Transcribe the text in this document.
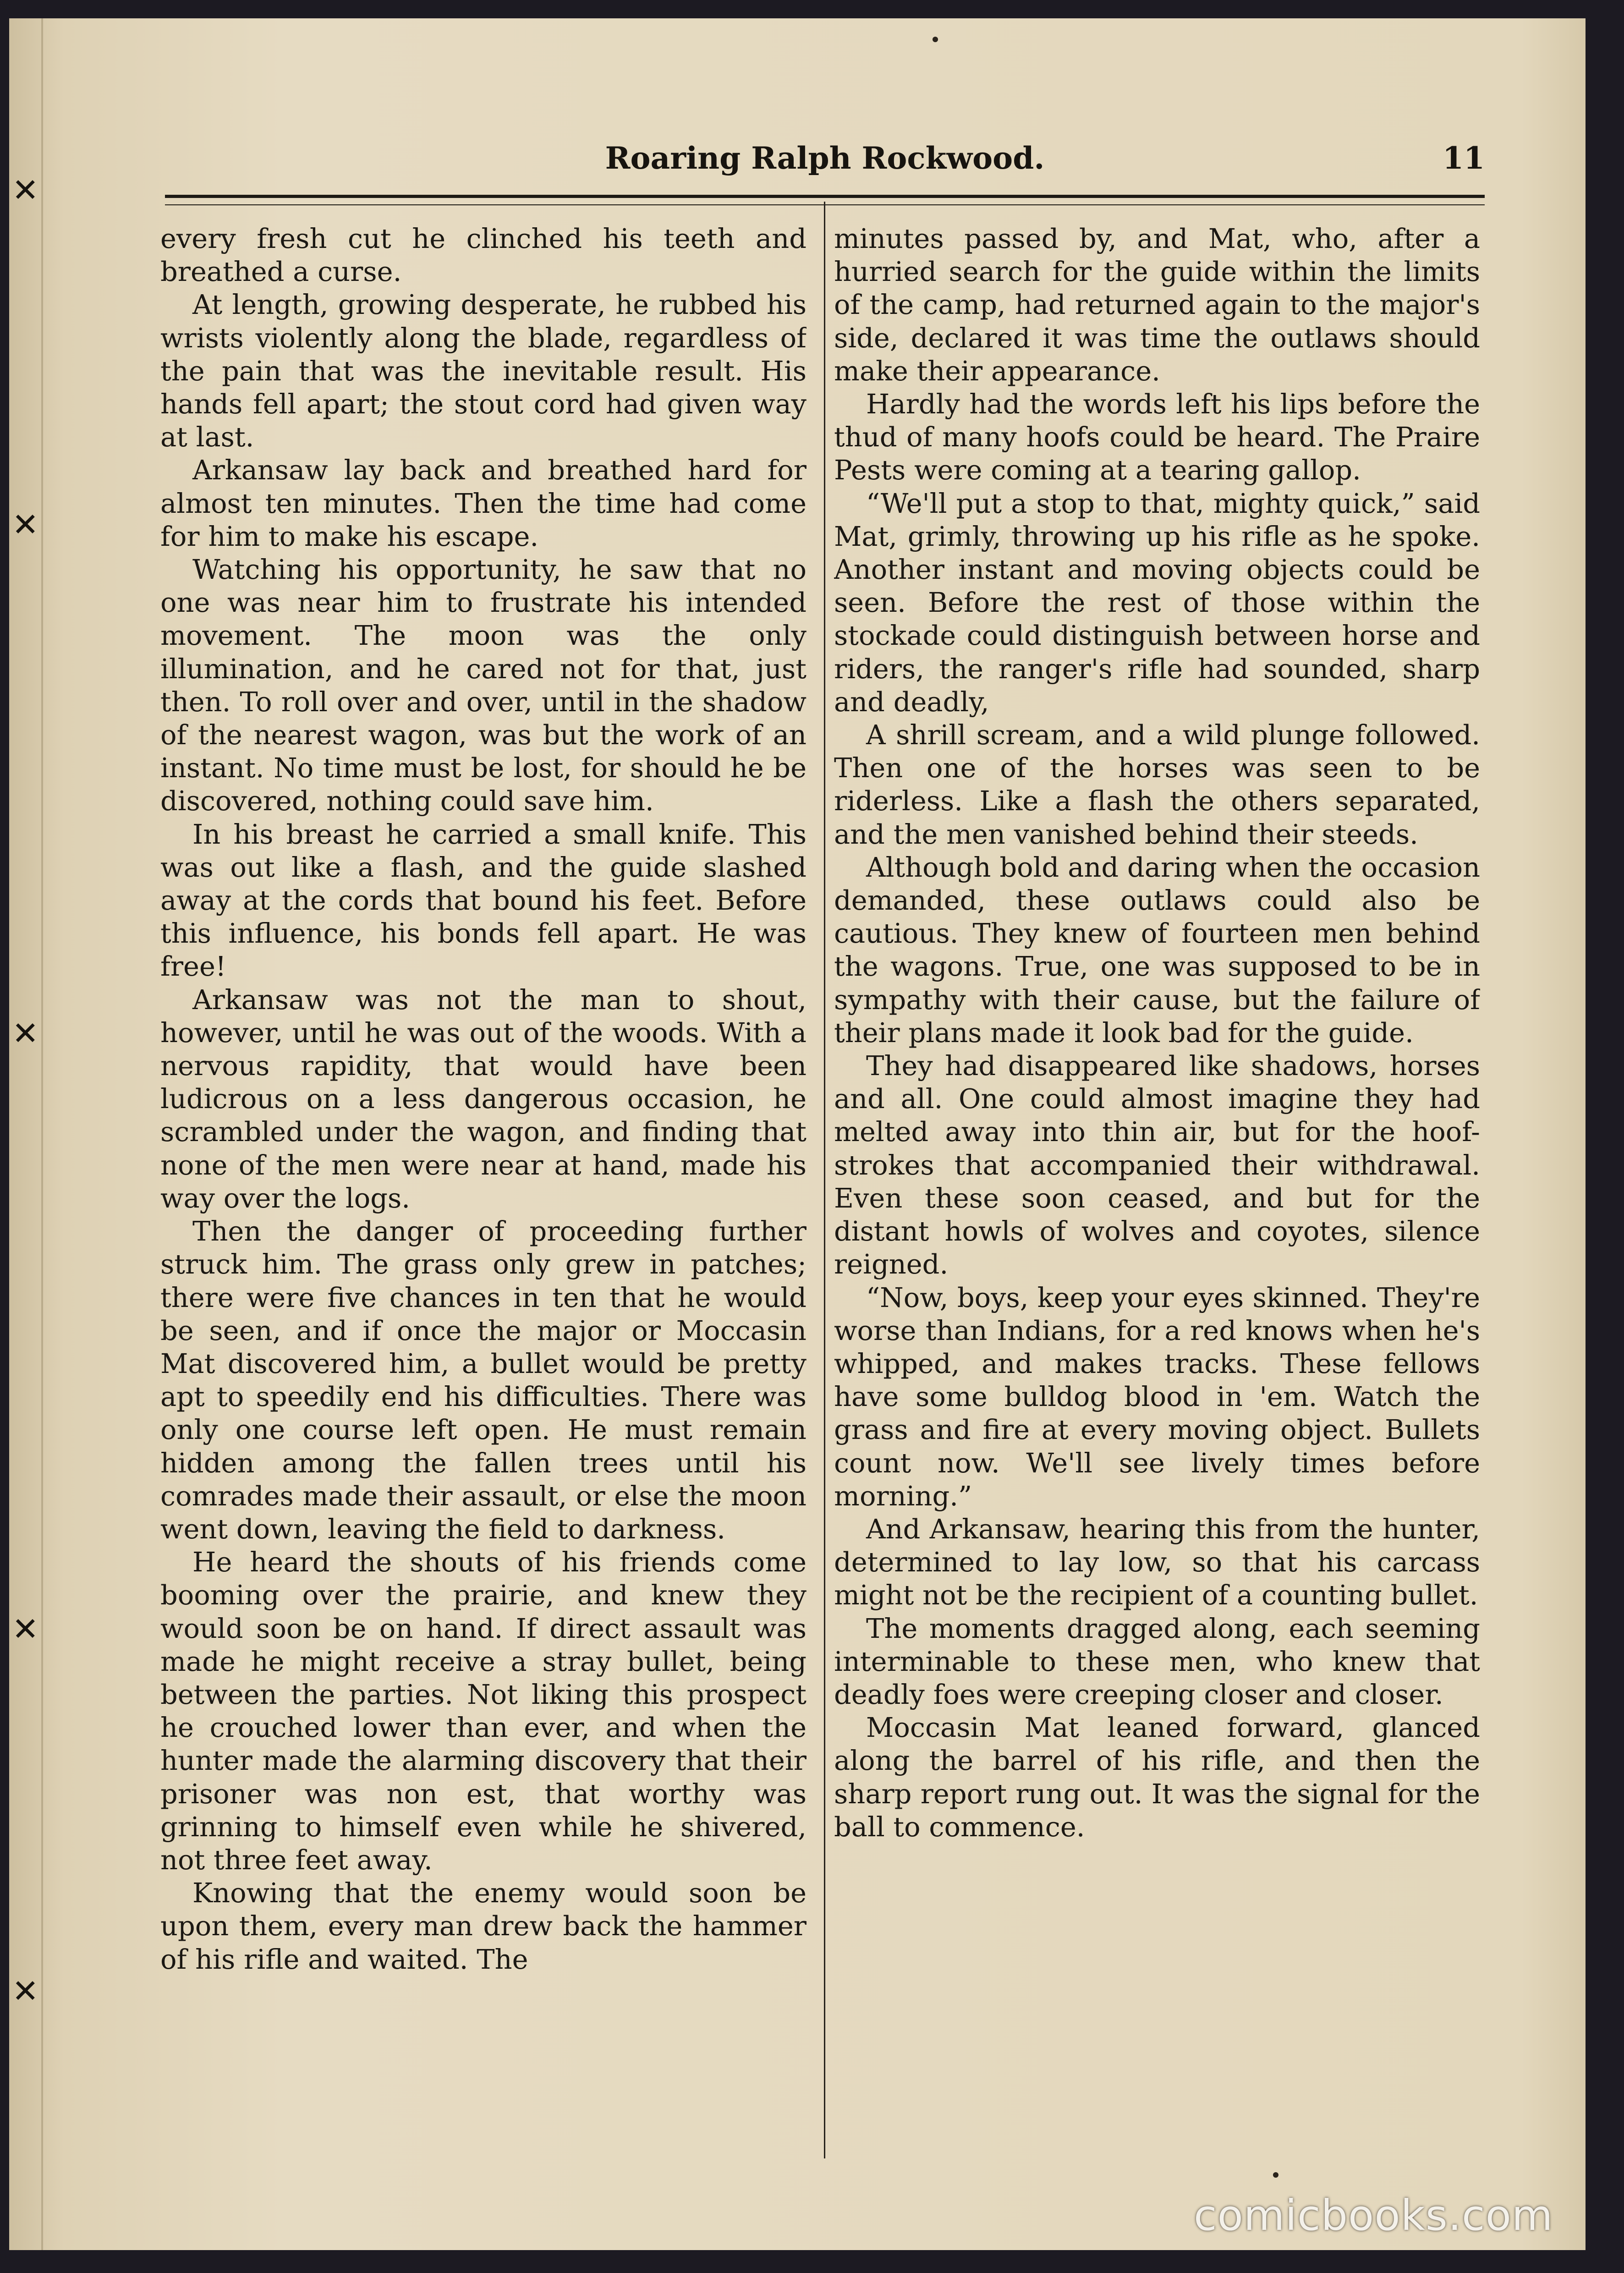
✕
✕
✕
✕
✕
Roaring Ralph Rockwood.	11

every fresh cut he clinched his teeth and breathed a curse.

At length, growing desperate, he rubbed his wrists violently along the blade, regardless of the pain that was the inevitable result. His hands fell apart; the stout cord had given way at last.

Arkansaw lay back and breathed hard for almost ten minutes. Then the time had come for him to make his escape.

Watching his opportunity, he saw that no one was near him to frustrate his intended movement. The moon was the only illumination, and he cared not for that, just then. To roll over and over, until in the shadow of the nearest wagon, was but the work of an instant. No time must be lost, for should he be discovered, nothing could save him.

In his breast he carried a small knife. This was out like a flash, and the guide slashed away at the cords that bound his feet. Before this influence, his bonds fell apart. He was free!

Arkansaw was not the man to shout, however, until he was out of the woods. With a nervous rapidity, that would have been ludicrous on a less dangerous occasion, he scrambled under the wagon, and finding that none of the men were near at hand, made his way over the logs.

Then the danger of proceeding further struck him. The grass only grew in patches; there were five chances in ten that he would be seen, and if once the major or Moccasin Mat discovered him, a bullet would be pretty apt to speedily end his difficulties. There was only one course left open. He must remain hidden among the fallen trees until his comrades made their assault, or else the moon went down, leaving the field to darkness.

He heard the shouts of his friends come booming over the prairie, and knew they would soon be on hand. If direct assault was made he might receive a stray bullet, being between the parties. Not liking this prospect he crouched lower than ever, and when the hunter made the alarming discovery that their prisoner was non est, that worthy was grinning to himself even while he shivered, not three feet away.

Knowing that the enemy would soon be upon them, every man drew back the hammer of his rifle and waited. The

minutes passed by, and Mat, who, after a hurried search for the guide within the limits of the camp, had returned again to the major's side, declared it was time the outlaws should make their appearance.

Hardly had the words left his lips before the thud of many hoofs could be heard. The Praire Pests were coming at a tearing gallop.

“We'll put a stop to that, mighty quick,” said Mat, grimly, throwing up his rifle as he spoke. Another instant and moving objects could be seen. Before the rest of those within the stockade could distinguish between horse and riders, the ranger's rifle had sounded, sharp and deadly,

A shrill scream, and a wild plunge followed. Then one of the horses was seen to be riderless. Like a flash the others separated, and the men vanished behind their steeds.

Although bold and daring when the occasion demanded, these outlaws could also be cautious. They knew of fourteen men behind the wagons. True, one was supposed to be in sympathy with their cause, but the failure of their plans made it look bad for the guide.

They had disappeared like shadows, horses and all. One could almost imagine they had melted away into thin air, but for the hoof-strokes that accompanied their withdrawal. Even these soon ceased, and but for the distant howls of wolves and coyotes, silence reigned.

“Now, boys, keep your eyes skinned. They're worse than Indians, for a red knows when he's whipped, and makes tracks. These fellows have some bulldog blood in 'em. Watch the grass and fire at every moving object. Bullets count now. We'll see lively times before morning.”

And Arkansaw, hearing this from the hunter, determined to lay low, so that his carcass might not be the recipient of a counting bullet.

The moments dragged along, each seeming interminable to these men, who knew that deadly foes were creeping closer and closer.

Moccasin Mat leaned forward, glanced along the barrel of his rifle, and then the sharp report rung out. It was the signal for the ball to commence.

comicbooks.com
